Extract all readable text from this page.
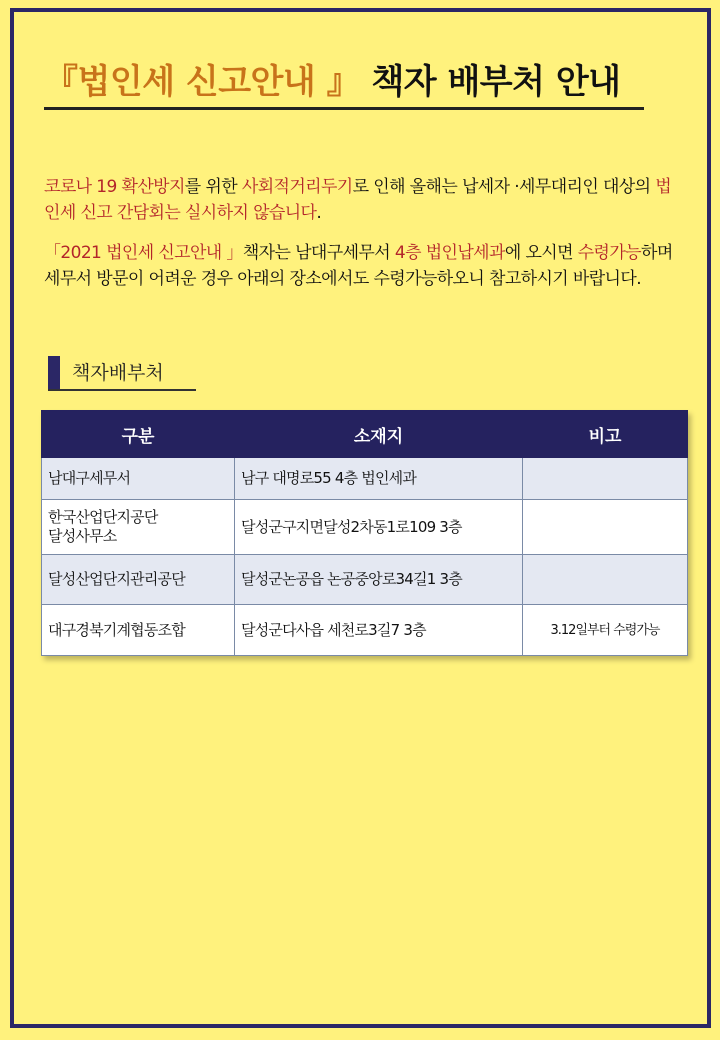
『법인세 신고안내 』 책자 배부처 안내
코로나 19 확산방지를 위한 사회적거리두기로 인해 올해는 납세자 ·세무대리인 대상의 법인세 신고 간담회는 실시하지 않습니다.
「2021 법인세 신고안내 」책자는 남대구세무서 4층 법인납세과에 오시면 수령가능하며 세무서 방문이 어려운 경우 아래의 장소에서도 수령가능하오니 참고하시기 바랍니다.
책자배부처
구분	소재지	비고
남대구세무서	남구 대명로55 4층 법인세과	
한국산업단지공단
달성사무소	달성군구지면달성2차동1로109 3층	
달성산업단지관리공단	달성군논공읍 논공중앙로34길1 3층	
대구경북기계협동조합	달성군다사읍 세천로3길7 3층	3.12일부터 수령가능
